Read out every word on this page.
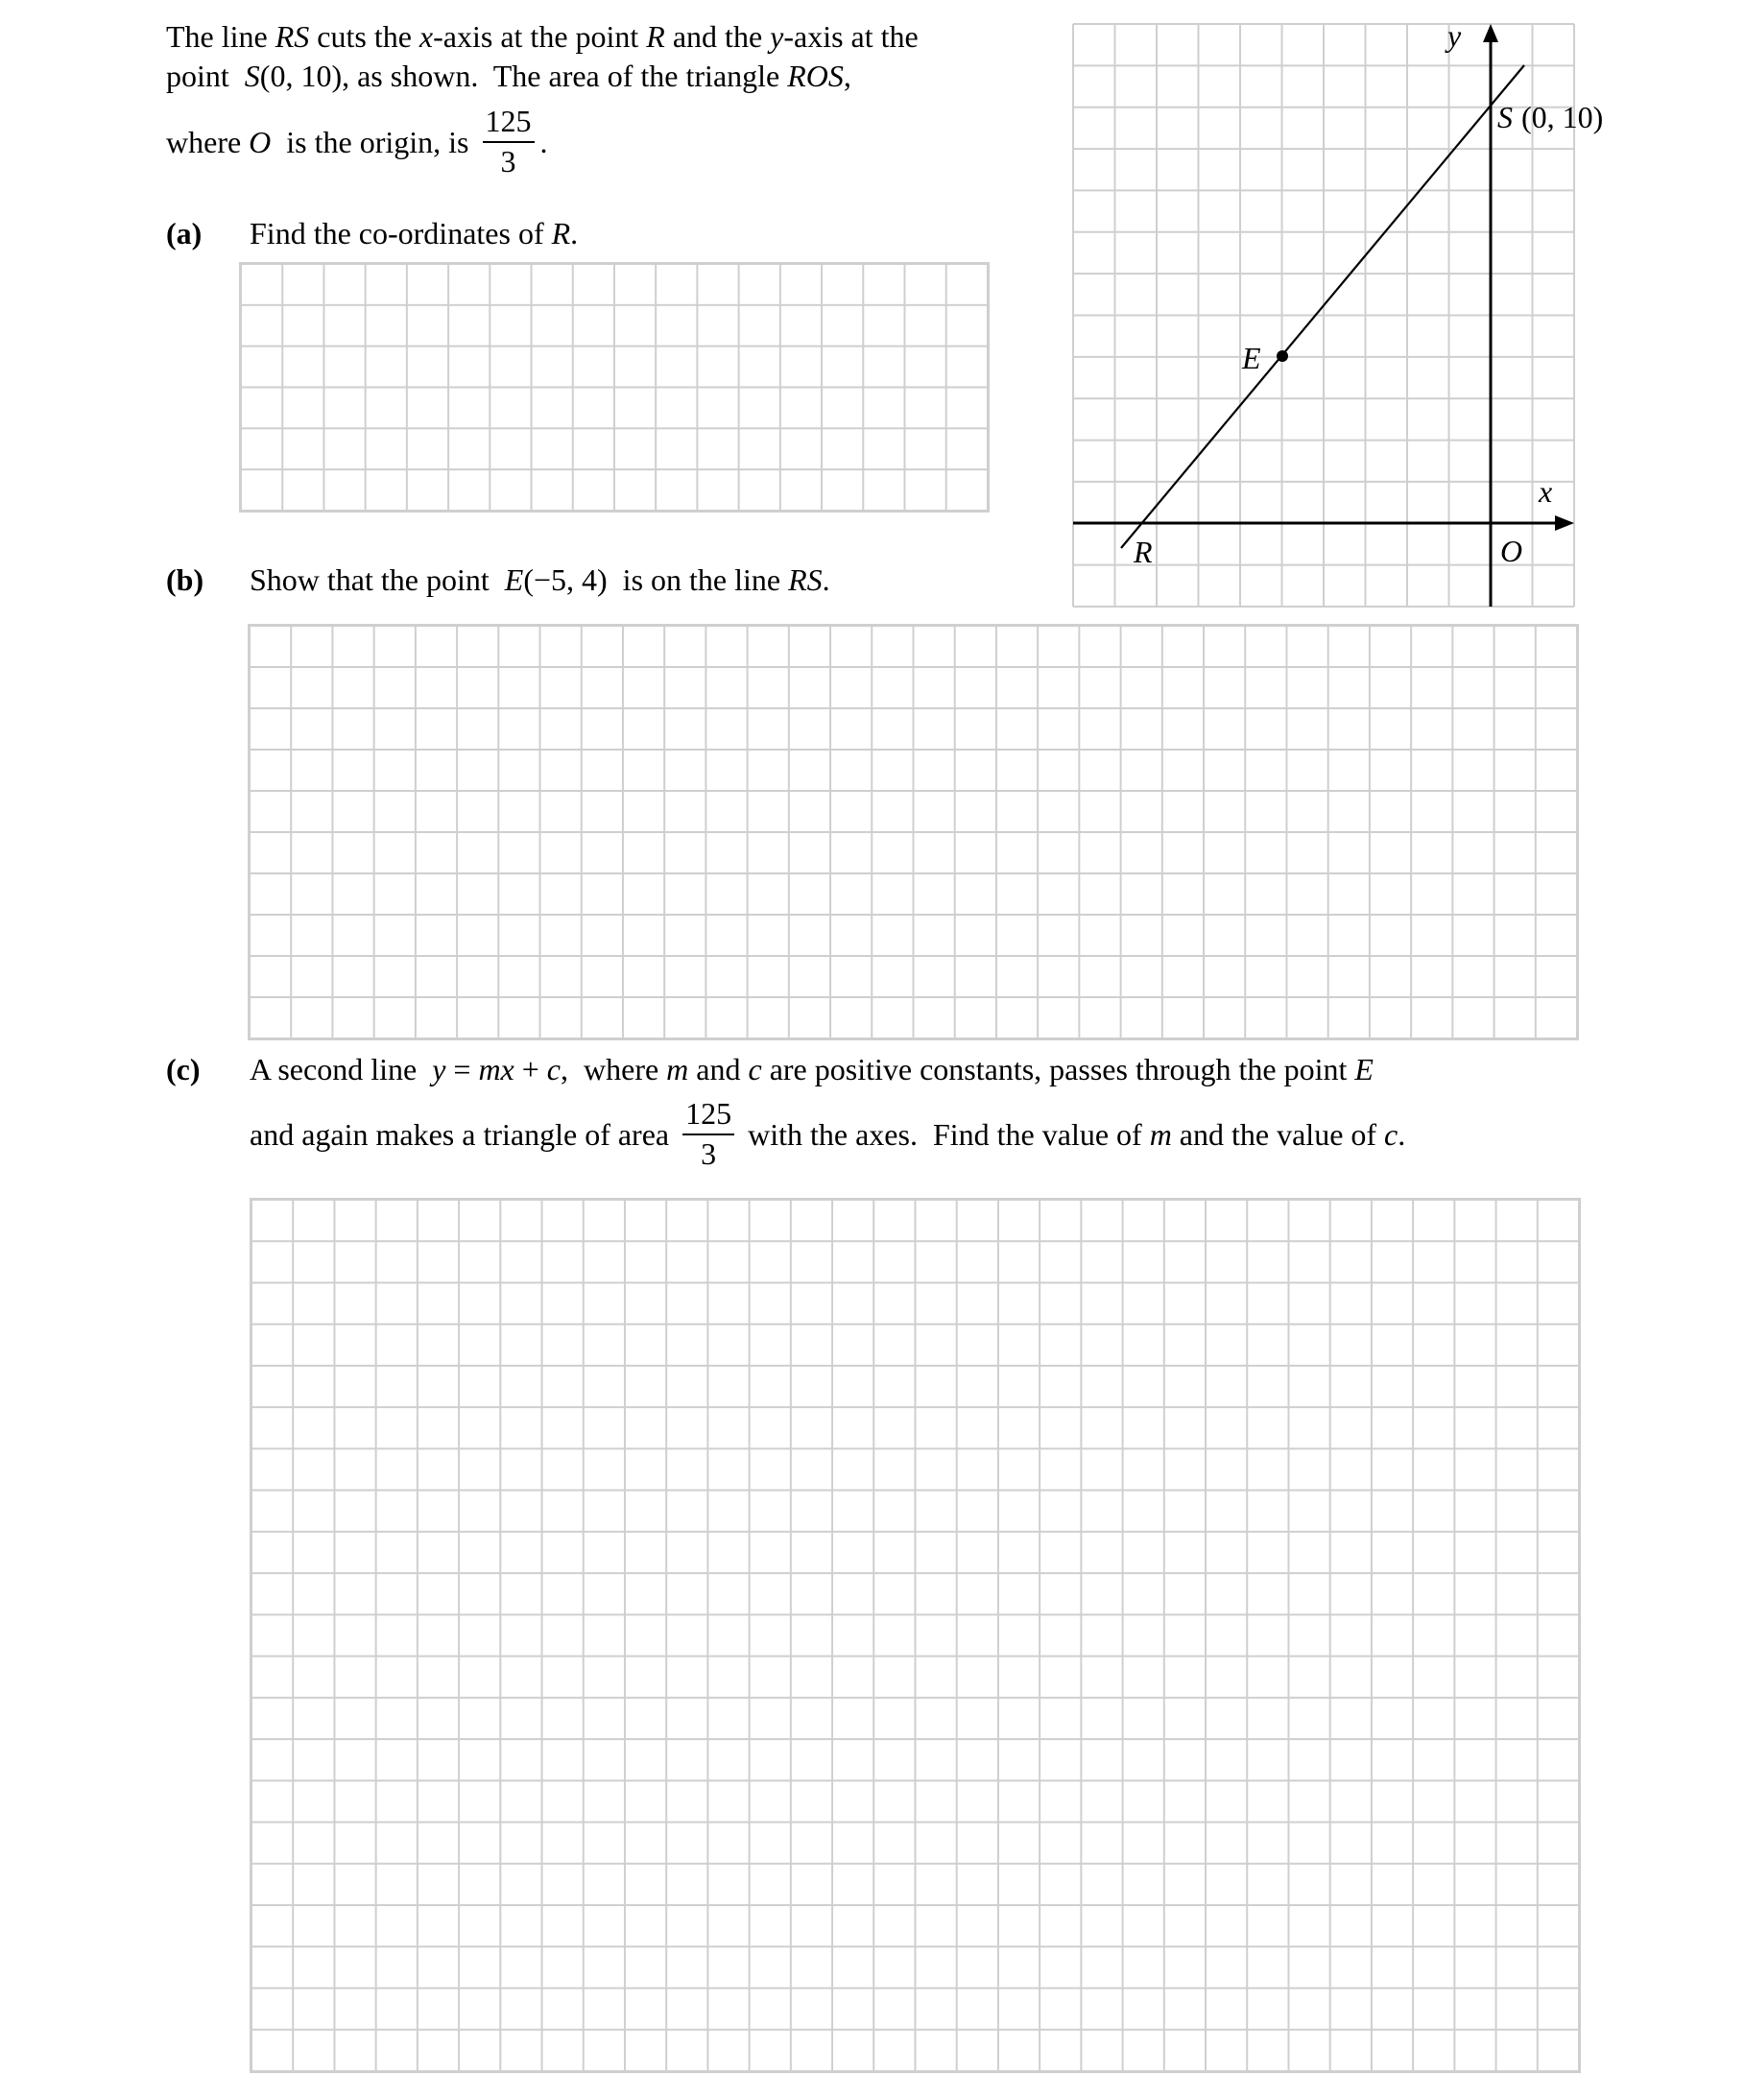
The line RS cuts the x-axis at the point R and the y-axis at the
point  S(0, 10), as shown.  The area of the triangle ROS,
where O  is the origin, is $\frac{125}{3}$ .
(a) Find the co-ordinates of R.
(b) Show that the point  E(−5, 4)  is on the line RS.
(c) A second line  y = mx + c,  where m and c are positive constants, passes through the point E
and again makes a triangle of area $\frac{125}{3}$ with the axes.  Find the value of m and the value of c.
y
x
O
R
E
S (0, 10)
